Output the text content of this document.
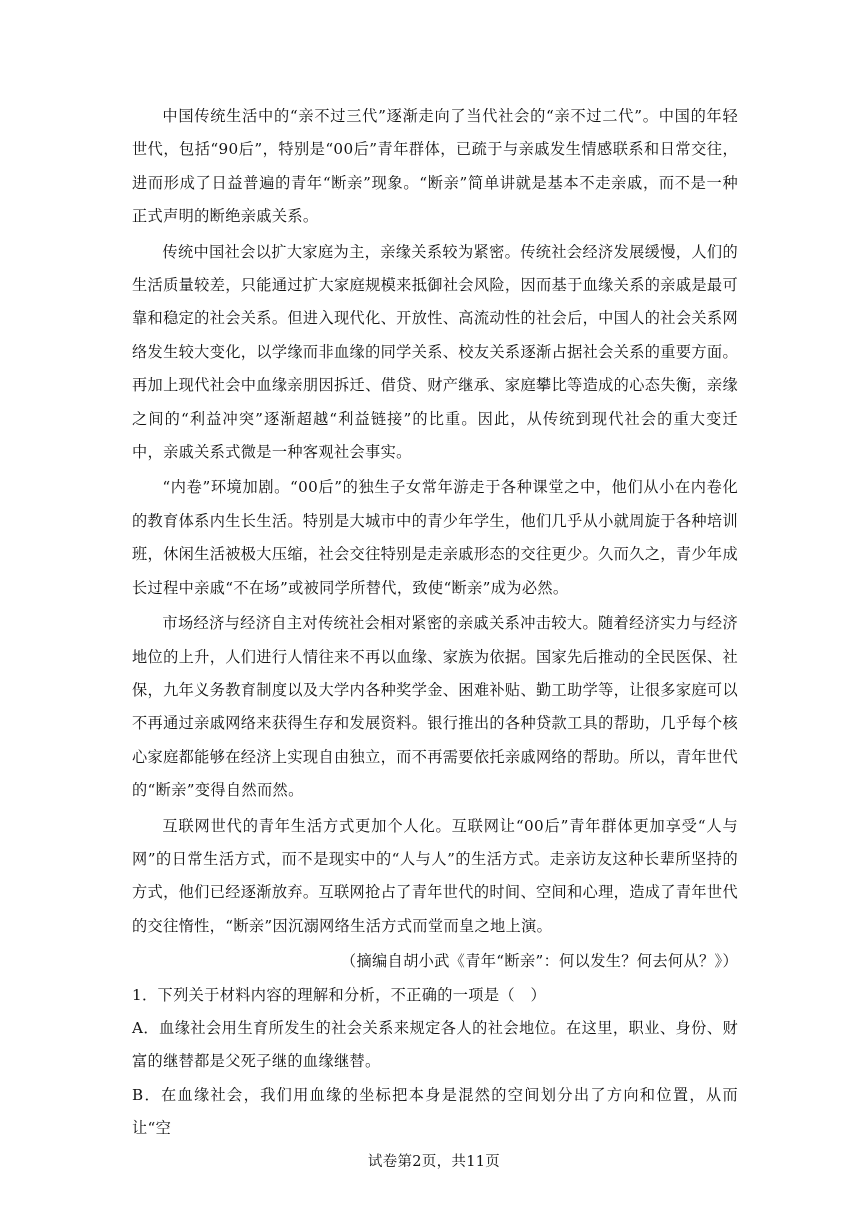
中国传统生活中的“亲不过三代”逐渐走向了当代社会的“亲不过二代”。中国的年轻世代，包括“90后”，特别是“00后”青年群体，已疏于与亲戚发生情感联系和日常交往，进而形成了日益普遍的青年“断亲”现象。“断亲”简单讲就是基本不走亲戚，而不是一种正式声明的断绝亲戚关系。

传统中国社会以扩大家庭为主，亲缘关系较为紧密。传统社会经济发展缓慢，人们的生活质量较差，只能通过扩大家庭规模来抵御社会风险，因而基于血缘关系的亲戚是最可靠和稳定的社会关系。但进入现代化、开放性、高流动性的社会后，中国人的社会关系网络发生较大变化，以学缘而非血缘的同学关系、校友关系逐渐占据社会关系的重要方面。再加上现代社会中血缘亲朋因拆迁、借贷、财产继承、家庭攀比等造成的心态失衡，亲缘之间的“利益冲突”逐渐超越“利益链接”的比重。因此，从传统到现代社会的重大变迁中，亲戚关系式微是一种客观社会事实。

“内卷”环境加剧。“00后”的独生子女常年游走于各种课堂之中，他们从小在内卷化的教育体系内生长生活。特别是大城市中的青少年学生，他们几乎从小就周旋于各种培训班，休闲生活被极大压缩，社会交往特别是走亲戚形态的交往更少。久而久之，青少年成长过程中亲戚“不在场”或被同学所替代，致使“断亲”成为必然。

市场经济与经济自主对传统社会相对紧密的亲戚关系冲击较大。随着经济实力与经济地位的上升，人们进行人情往来不再以血缘、家族为依据。国家先后推动的全民医保、社保，九年义务教育制度以及大学内各种奖学金、困难补贴、勤工助学等，让很多家庭可以不再通过亲戚网络来获得生存和发展资料。银行推出的各种贷款工具的帮助，几乎每个核心家庭都能够在经济上实现自由独立，而不再需要依托亲戚网络的帮助。所以，青年世代的“断亲”变得自然而然。

互联网世代的青年生活方式更加个人化。互联网让“00后”青年群体更加享受“人与网”的日常生活方式，而不是现实中的“人与人”的生活方式。走亲访友这种长辈所坚持的方式，他们已经逐渐放弃。互联网抢占了青年世代的时间、空间和心理，造成了青年世代的交往惰性，“断亲”因沉溺网络生活方式而堂而皇之地上演。

（摘编自胡小武《青年“断亲”：何以发生？何去何从？》）

1．下列关于材料内容的理解和分析，不正确的一项是（　）

A．血缘社会用生育所发生的社会关系来规定各人的社会地位。在这里，职业、身份、财富的继替都是父死子继的血缘继替。

B．在血缘社会，我们用血缘的坐标把本身是混然的空间划分出了方向和位置，从而让“空

试卷第2页，共11页
